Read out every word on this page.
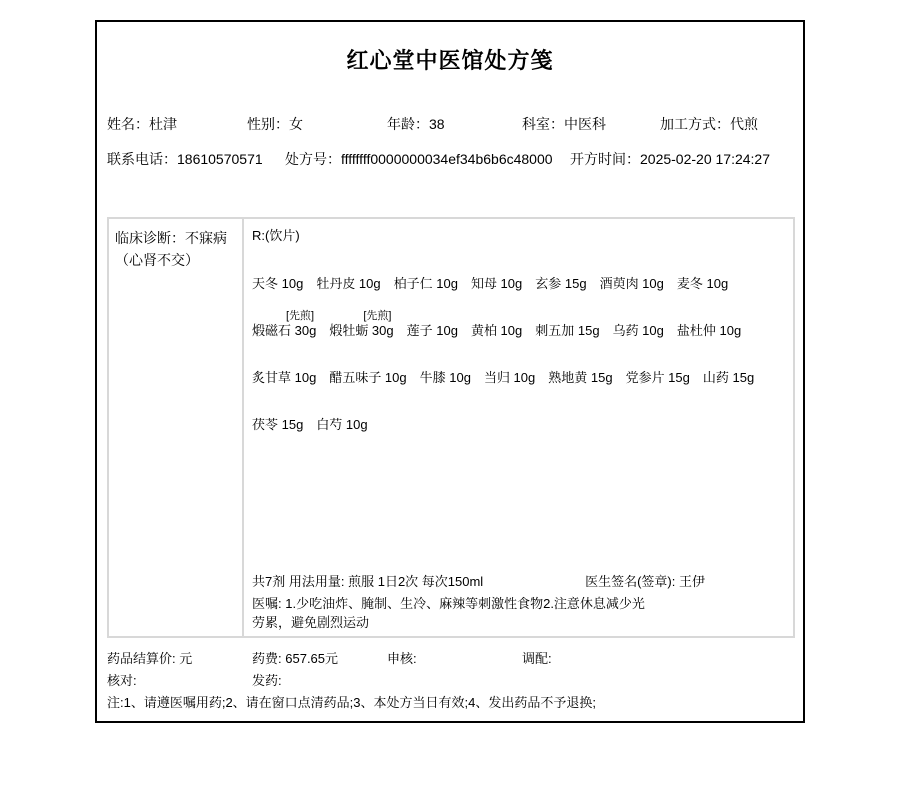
红心堂中医馆处方笺
姓名：杜津	性别：女	年龄：38	科室：中医科	加工方式：代煎
联系电话：18610570571 处方号：ffffffff0000000034ef34b6b6c48000 开方时间：2025-02-20 17:24:27
临床诊断：不寐病（心肾不交）
R:(饮片)
天冬 10g 牡丹皮 10g 柏子仁 10g 知母 10g 玄参 15g 酒萸肉 10g 麦冬 10g
[先煎]
煅磁石 30g
[先煎]
煅牡蛎 30g 莲子 10g 黄柏 10g 刺五加 15g 乌药 10g 盐杜仲 10g
炙甘草 10g 醋五味子 10g 牛膝 10g 当归 10g 熟地黄 15g 党参片 15g 山药 15g
茯苓 15g 白芍 10g
共7剂 用法用量: 煎服 1日2次 每次150ml	医生签名(签章): 王伊
医嘱: 1.少吃油炸、腌制、生冷、麻辣等刺激性食物2.注意休息减少光劳累，避免剧烈运动
药品结算价: 元	药费: 657.65元	申核:	调配:
核对:	发药:
注:1、请遵医嘱用药;2、请在窗口点清药品;3、本处方当日有效;4、发出药品不予退换;
